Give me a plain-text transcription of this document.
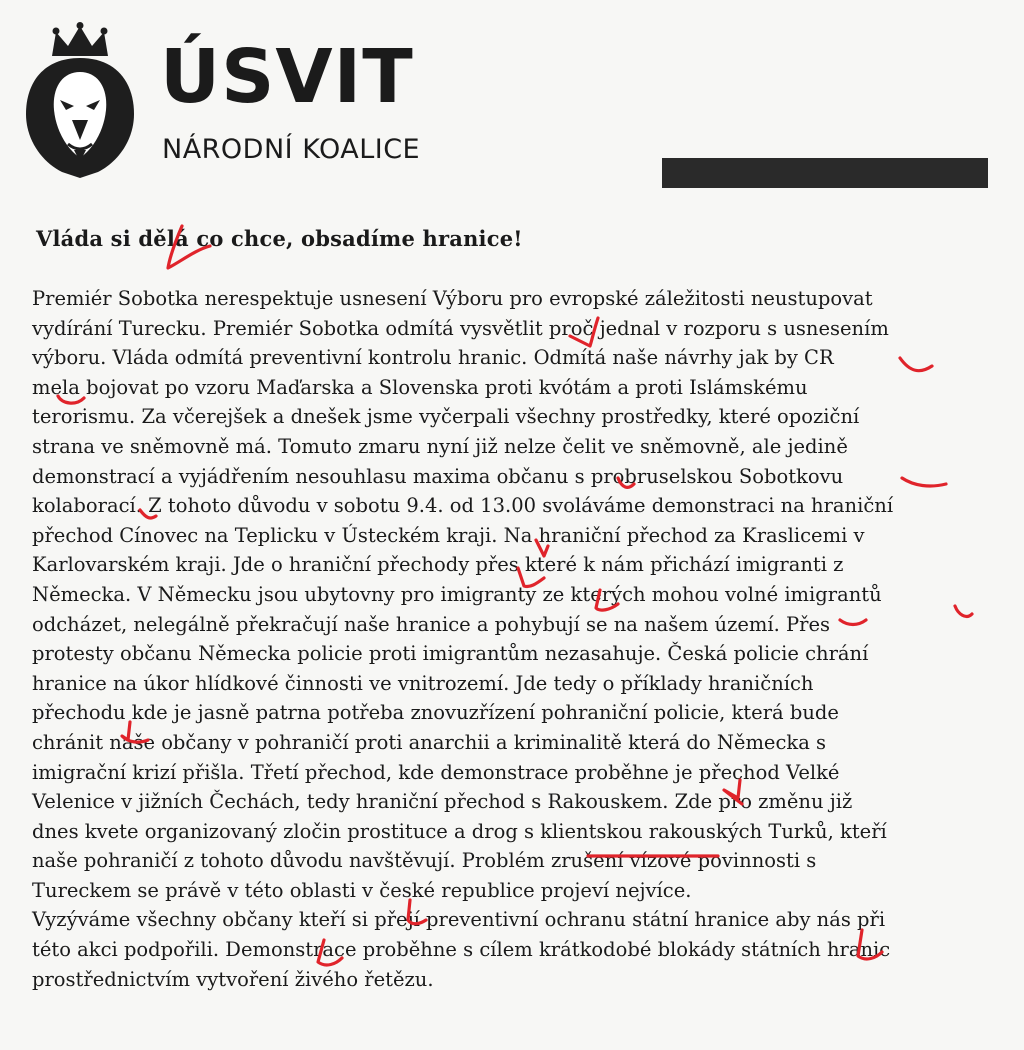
ÚSVIT
NÁRODNÍ KOALICE
Vláda si dělá co chce, obsadíme hranice!
Premiér Sobotka nerespektuje usnesení Výboru pro evropské záležitosti neustupovat
vydírání Turecku. Premiér Sobotka odmítá vysvětlit proč jednal v rozporu s usnesením
výboru. Vláda odmítá preventivní kontrolu hranic. Odmítá naše návrhy jak by CR
mela bojovat po vzoru Maďarska a Slovenska proti kvótám a proti Islámskému
terorismu. Za včerejšek a dnešek jsme vyčerpali všechny prostředky, které opoziční
strana ve sněmovně má. Tomuto zmaru nyní již nelze čelit ve sněmovně, ale jedině
demonstrací a vyjádřením nesouhlasu maxima občanu s probruselskou Sobotkovu
kolaborací. Z tohoto důvodu v sobotu 9.4. od 13.00 svoláváme demonstraci na hraniční
přechod Cínovec na Teplicku v Ústeckém kraji. Na hraniční přechod za Kraslicemi v
Karlovarském kraji. Jde o hraniční přechody přes které k nám přichází imigranti z
Německa. V Německu jsou ubytovny pro imigranty ze kterých mohou volné imigrantů
odcházet, nelegálně překračují naše hranice a pohybují se na našem území. Přes
protesty občanu Německa policie proti imigrantům nezasahuje. Česká policie chrání
hranice na úkor hlídkové činnosti ve vnitrozemí. Jde tedy o příklady hraničních
přechodu kde je jasně patrna potřeba znovuzřízení pohraniční policie, která bude
chránit naše občany v pohraničí proti anarchii a kriminalitě která do Německa s
imigrační krizí přišla. Třetí přechod, kde demonstrace proběhne je přechod Velké
Velenice v jižních Čechách, tedy hraniční přechod s Rakouskem. Zde pro změnu již
dnes kvete organizovaný zločin prostituce a drog s klientskou rakouských Turků, kteří
naše pohraničí z tohoto důvodu navštěvují. Problém zrušení vízové povinnosti s
Tureckem se právě v této oblasti v české republice projeví nejvíce.
Vyzýváme všechny občany kteří si přejí preventivní ochranu státní hranice aby nás při
této akci podpořili. Demonstrace proběhne s cílem krátkodobé blokády státních hranic
prostřednictvím vytvoření živého řetězu.
